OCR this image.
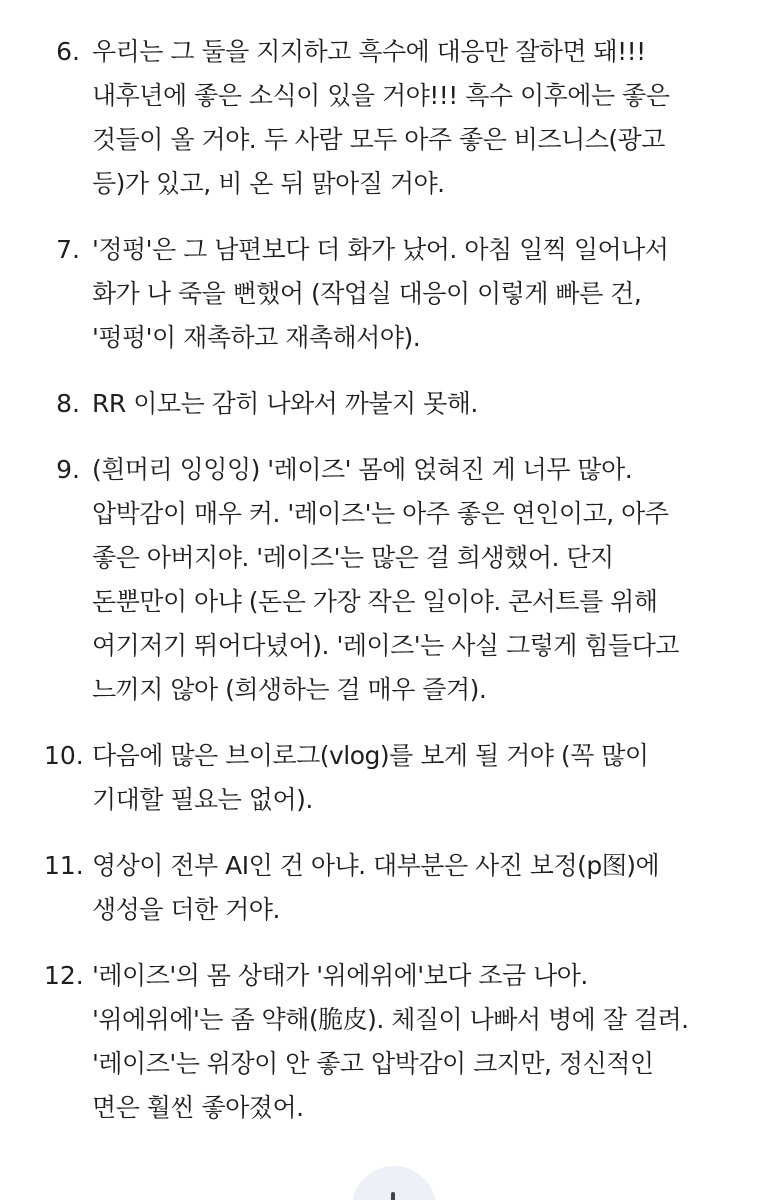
6. 우리는 그 둘을 지지하고 흑수에 대응만 잘하면 돼!!!
내후년에 좋은 소식이 있을 거야!!! 흑수 이후에는 좋은
것들이 올 거야. 두 사람 모두 아주 좋은 비즈니스(광고
등)가 있고, 비 온 뒤 맑아질 거야.
7. '정펑'은 그 남편보다 더 화가 났어. 아침 일찍 일어나서
화가 나 죽을 뻔했어 (작업실 대응이 이렇게 빠른 건,
'펑펑'이 재촉하고 재촉해서야).
8. RR 이모는 감히 나와서 까불지 못해.
9. (흰머리 잉잉잉) '레이즈' 몸에 얹혀진 게 너무 많아.
압박감이 매우 커. '레이즈'는 아주 좋은 연인이고, 아주
좋은 아버지야. '레이즈'는 많은 걸 희생했어. 단지
돈뿐만이 아냐 (돈은 가장 작은 일이야. 콘서트를 위해
여기저기 뛰어다녔어). '레이즈'는 사실 그렇게 힘들다고
느끼지 않아 (희생하는 걸 매우 즐겨).
10. 다음에 많은 브이로그(vlog)를 보게 될 거야 (꼭 많이
기대할 필요는 없어).
11. 영상이 전부 AI인 건 아냐. 대부분은 사진 보정(p图)에
생성을 더한 거야.
12. '레이즈'의 몸 상태가 '위에위에'보다 조금 나아.
'위에위에'는 좀 약해(脆皮). 체질이 나빠서 병에 잘 걸려.
'레이즈'는 위장이 안 좋고 압박감이 크지만, 정신적인
면은 훨씬 좋아졌어.
